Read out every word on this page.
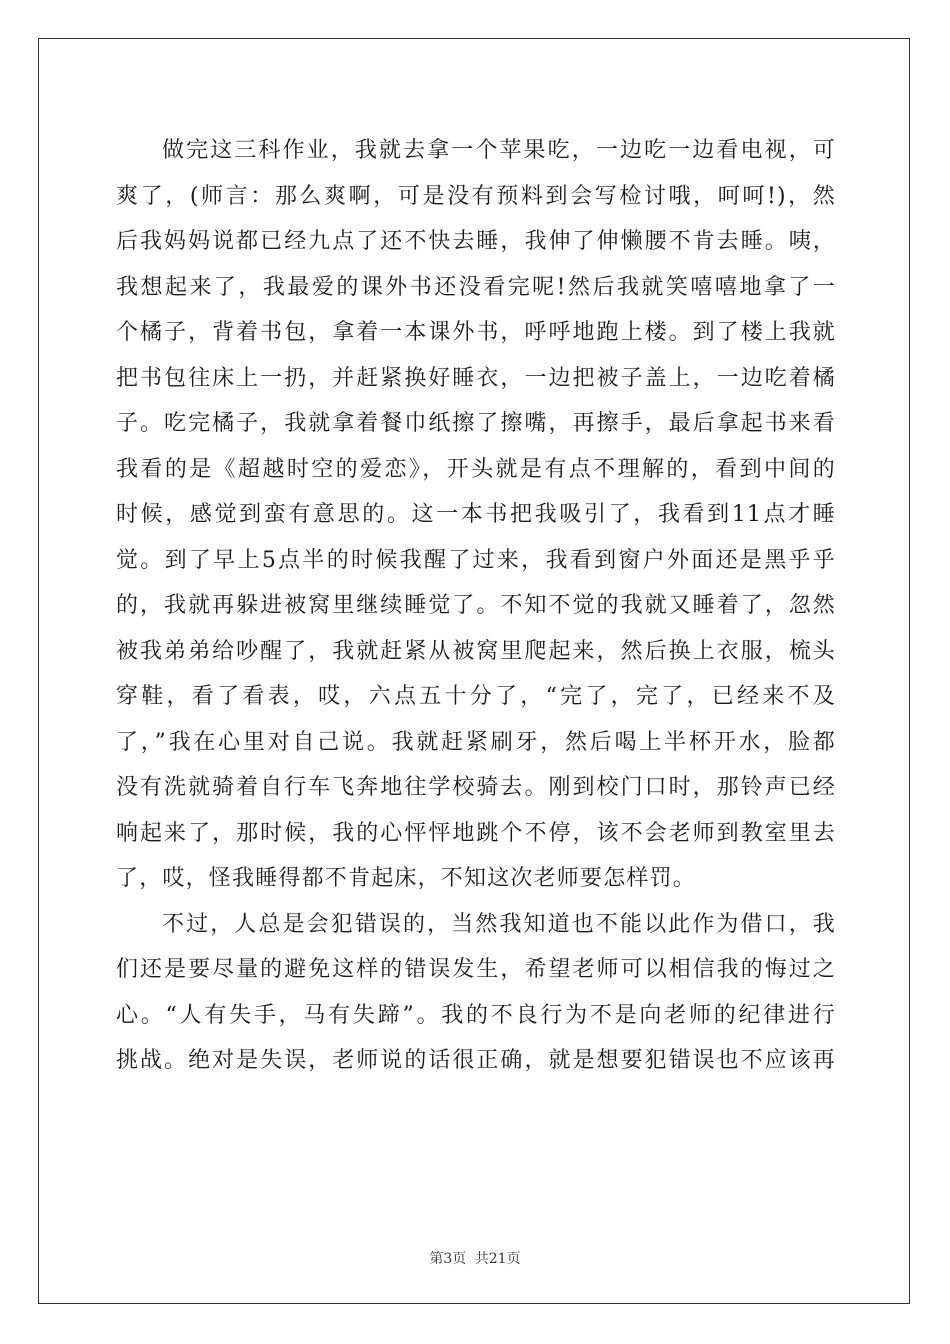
做完这三科作业，我就去拿一个苹果吃，一边吃一边看电视，可
爽了，(师言：那么爽啊，可是没有预料到会写检讨哦，呵呵!)，然
后我妈妈说都已经九点了还不快去睡，我伸了伸懒腰不肯去睡。咦，
我想起来了，我最爱的课外书还没看完呢!然后我就笑嘻嘻地拿了一
个橘子，背着书包，拿着一本课外书，呼呼地跑上楼。到了楼上我就
把书包往床上一扔，并赶紧换好睡衣，一边把被子盖上，一边吃着橘
子。吃完橘子，我就拿着餐巾纸擦了擦嘴，再擦手，最后拿起书来看
我看的是《超越时空的爱恋》，开头就是有点不理解的，看到中间的
时候，感觉到蛮有意思的。这一本书把我吸引了，我看到11点才睡
觉。到了早上5点半的时候我醒了过来，我看到窗户外面还是黑乎乎
的，我就再躲进被窝里继续睡觉了。不知不觉的我就又睡着了，忽然
被我弟弟给吵醒了，我就赶紧从被窝里爬起来，然后换上衣服，梳头
穿鞋，看了看表，哎，六点五十分了，“完了，完了，已经来不及
了，”我在心里对自己说。我就赶紧刷牙，然后喝上半杯开水，脸都
没有洗就骑着自行车飞奔地往学校骑去。刚到校门口时，那铃声已经
响起来了，那时候，我的心怦怦地跳个不停，该不会老师到教室里去
了，哎，怪我睡得都不肯起床，不知这次老师要怎样罚。
不过，人总是会犯错误的，当然我知道也不能以此作为借口，我
们还是要尽量的避免这样的错误发生，希望老师可以相信我的悔过之
心。“人有失手，马有失蹄”。我的不良行为不是向老师的纪律进行
挑战。绝对是失误，老师说的话很正确，就是想要犯错误也不应该再
第3页 共21页
